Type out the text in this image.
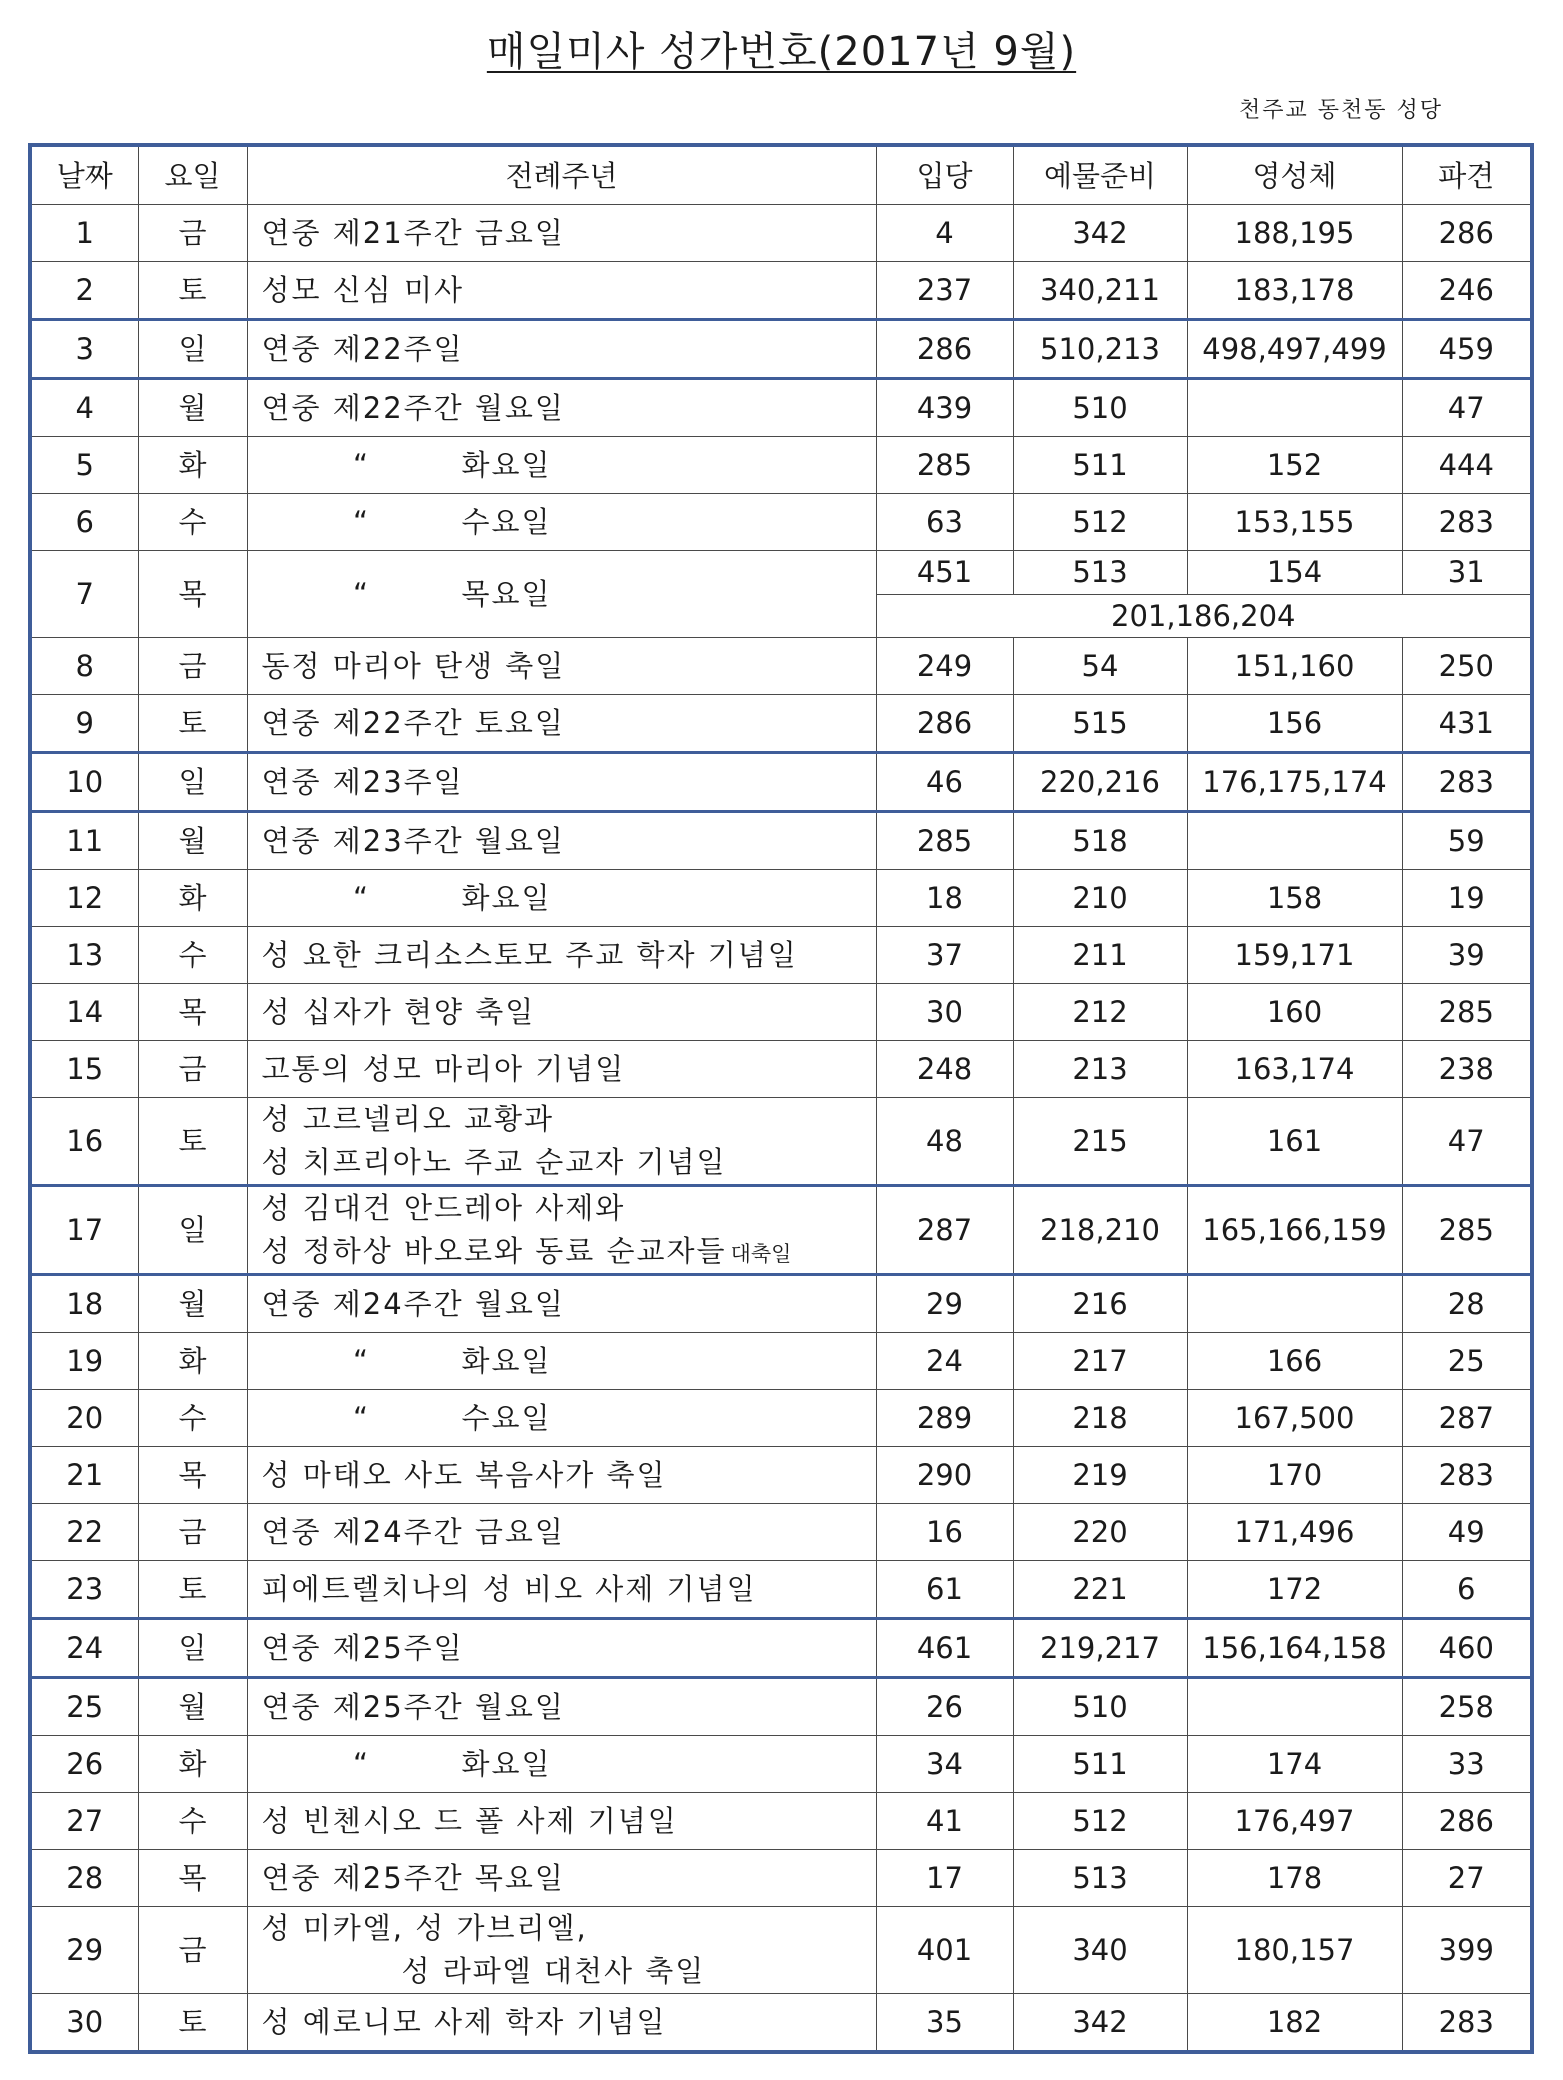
매일미사 성가번호(2017년 9월)
천주교 동천동 성당
날짜	요일	전례주년	입당	예물준비	영성체	파견
1	금	연중 제21주간 금요일	4	342	188,195	286
2	토	성모 신심 미사	237	340,211	183,178	246
3	일	연중 제22주일	286	510,213	498,497,499	459
4	월	연중 제22주간 월요일	439	510		47
5	화	“ 화요일	285	511	152	444
6	수	“ 수요일	63	512	153,155	283
7	목	“ 목요일	451	513	154	31
			201,186,204			
8	금	동정 마리아 탄생 축일	249	54	151,160	250
9	토	연중 제22주간 토요일	286	515	156	431
10	일	연중 제23주일	46	220,216	176,175,174	283
11	월	연중 제23주간 월요일	285	518		59
12	화	“ 화요일	18	210	158	19
13	수	성 요한 크리소스토모 주교 학자 기념일	37	211	159,171	39
14	목	성 십자가 현양 축일	30	212	160	285
15	금	고통의 성모 마리아 기념일	248	213	163,174	238
16	토	성 고르넬리오 교황과
성 치프리아노 주교 순교자 기념일	48	215	161	47
17	일	성 김대건 안드레아 사제와
성 정하상 바오로와 동료 순교자들 대축일	287	218,210	165,166,159	285
18	월	연중 제24주간 월요일	29	216		28
19	화	“ 화요일	24	217	166	25
20	수	“ 수요일	289	218	167,500	287
21	목	성 마태오 사도 복음사가 축일	290	219	170	283
22	금	연중 제24주간 금요일	16	220	171,496	49
23	토	피에트렐치나의 성 비오 사제 기념일	61	221	172	6
24	일	연중 제25주일	461	219,217	156,164,158	460
25	월	연중 제25주간 월요일	26	510		258
26	화	“ 화요일	34	511	174	33
27	수	성 빈첸시오 드 폴 사제 기념일	41	512	176,497	286
28	목	연중 제25주간 목요일	17	513	178	27
29	금	성 미카엘, 성 가브리엘,
성 라파엘 대천사 축일	401	340	180,157	399
30	토	성 예로니모 사제 학자 기념일	35	342	182	283
